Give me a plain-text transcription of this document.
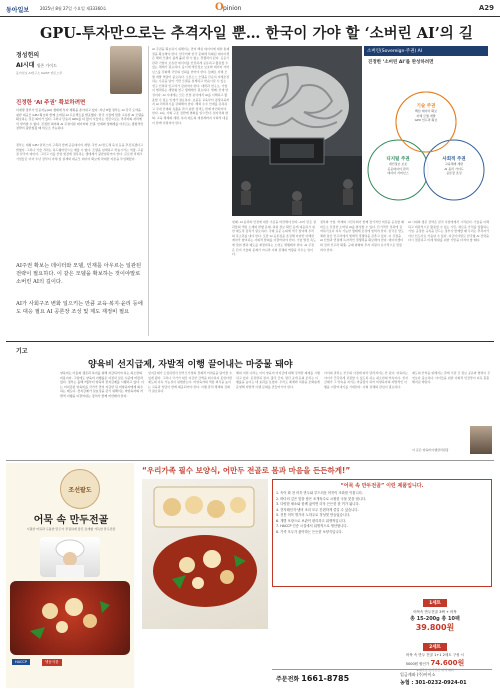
동아일보	2025년 8월 27일 수요일 제33360호	O pinion	A29
GPU-투자만으로는 추격자일 뿐… 한국이 가야 할 ‘소버린 AI’의 길
정성헌의
AI시대 생존 가이드
동아일보 AI연구소 KAIST 멘토스쿠
진정한 ‘AI 주권’ 확보하려면
이재명 정부가 인공지능(AI) 생태계 투자 계획을 쏟아내고 있다. 지난 8월 정부는 AI 강국 도약을 위한 대규모 GPU 확보와 함께 소버린 AI 프로젝트를 발표했다. 한국 시장에 맞춘 고유한 AI 모델을 확보하는 것은 의미가 있다. 그러나 단순히 GPU를 더 많이 사들이는 것만으로는 추격자의 자리에서 벗어날 수 없다. 진정한 의미의 AI 주권이란 데이터와 모델, 인재와 생태계를 아우르는 종합적인 전략이 뒷받침될 때 비로소 가능하다.
정부는 대형 GPU 클러스터 구축과 함께 공공데이터 개방, 국산 AI 반도체 육성 등을 추진하겠다고 밝혔다. 그러나 기술 격차는 하드웨어만으로 메울 수 없다. 모델을 설계하고 학습시키는 역량, 고품질 한국어 데이터, 그리고 이를 산업 현장에 접목하는 생태계가 뒷받침되어야 한다. 글로벌 빅테크 기업들은 이미 수년 전부터 자체 칩 설계와 대규모 데이터 확보에 막대한 자본을 투입해왔다.
AI주권 확보는 데이터와 모델, 인재를 아우르는 일관된 전략이 필요하다. 이 같은 모델을 확보하는 것이야말로 소버린 AI의 길이다.
AI가 사회구조 변화 일으키는 만큼 교육·복지·윤리 등에도 대응 필요 AI 공론장 조성 및 제도 재정비 필요
AI 주권을 확보하기 위해서는 먼저 핵심 데이터에 대한 통제권을 확보해야 한다. 한국어와 한국 문화에 특화된 데이터셋은 해외 모델이 쉽게 흉내 낼 수 없는 경쟁력이 된다. 공공기관과 기업이 보유한 데이터를 안전하게 공유하고 활용할 수 있는 체계가 필요하다. 동시에 개인정보 보호와 데이터 거버넌스를 강화해 국민의 신뢰를 얻어야 한다. 둘째로 자체 모델 개발 역량이 중요하다. 오픈소스 모델을 단순히 미세조정하는 수준을 넘어 기반 모델을 설계하고 학습시킬 수 있는 연구 인력과 인프라가 갖춰져야 한다. 대학과 연구소, 기업이 협력하는 개방형 연구 생태계가 필요하다. 셋째, 인재 양성이다. AI 시대에는 모든 산업 분야에서 AI를 이해하고 활용할 수 있는 인재가 필요하다. 초중등 교육부터 평생교육까지 AI 리터러시를 강화해야 한다. 해외 우수 인재를 유치하고 국내 인재의 유출을 막기 위한 정책도 함께 마련되어야 한다. AI는 사회 구조 전반에 변화를 일으킨다. 일자리의 변화, 교육 체계의 개편, 복지 제도의 재설계까지 사회적 대응이 함께 이뤄져야 한다.
소버린(Sovereign·주권) AI
진정한 ‘소버린 AI’를 완성하려면
기술 주권
핵심 데이터 확보
자체 모델 개발
GPU 인프라 확보
디지털 주권
개인정보 보호
공공데이터 관리
데이터 거버넌스
사회적 주권
교육체계 개편
AI 윤리 가이드
공론장 조성
넷째, AI 윤리와 안전에 대한 기준을 마련해야 한다. AI가 만든 결과물의 책임 소재와 편향 문제, 허위 정보 확산 등에 대응하기 위한 제도적 장치가 필요하다. 국제 표준 논의에 적극 참여해 우리의 목소리를 내야 한다. 또한 AI 공론장을 조성해 다양한 이해관계자가 참여하는 사회적 합의를 이끌어내야 한다. 기술 발전 속도에 맞춰 법과 제도를 재정비하는 노력도 병행돼야 한다. AI 주권은 단지 기술의 문제가 아니라 사회 전체의 역량을 키우는 일이다.
정부와 기업, 학계와 시민사회가 함께 장기적인 비전을 공유할 때 비로소 진정한 소버린 AI를 완성할 수 있다. 단기적인 성과에 집착하기보다 지속 가능한 생태계 조성에 힘써야 한다. 한국은 반도체와 통신 인프라에서 세계적 경쟁력을 갖추고 있다. 이 강점을 AI 산업과 연결해 독자적인 경쟁력을 확보해야 한다. 데이터센터와 전력 인프라 확충, 규제 완화와 투자 지원이 유기적으로 맞물려야 한다.
AI 시대의 생존 전략은 결국 사람에게서 시작된다. 기술을 이해하고 비판적으로 활용할 수 있는 시민, 새로운 가치를 창출하는 기업, 공정한 규칙을 만드는 정부가 함께할 때 우리는 추격자가 아닌 선도자로 거듭날 수 있다. 지금이야말로 한국형 AI 전략을 다시 점검하고 미래 세대를 위한 기반을 다져야 할 때다.
기고
양육비 선지급제, 자발적 이행 끌어내는 마중물 돼야
양육비는 아동의 생존과 복지를 위해 지급되어야 하는 최소한의 비용이다. 그럼에도 양육비 이행률은 여전히 낮은 수준에 머물러 있다. 정부는 올해 7월부터 양육비 선지급제를 시행하고 있다. 이는 미지급된 양육비를 국가가 먼저 지급한 뒤 비양육자에게 회수하는 제도다. 선지급제가 실효성을 갖기 위해서는 비양육자의 자발적 이행을 이끌어내는 장치가 함께 마련돼야 한다.
선지급제가 도입되면서 한부모가정의 경제적 어려움을 덜어줄 수 있게 됐다. 그러나 국가가 대신 지급한 금액을 회수하지 못한다면 제도의 지속 가능성이 위협받는다. 비양육자의 책임 의식을 높이는 교육과 상담이 함께 제공되어야 한다. 이행 관리 체계의 강화가 필요하다.
해외 여러 나라는 이미 양육비 미지급에 대해 강력한 제재를 시행하고 있다. 운전면허 정지, 출국 금지, 명단 공개 등의 조치는 이행률을 높이는 데 효과를 보였다. 우리도 제재와 지원을 조화롭게 운영해 자발적 이행 문화를 만들어가야 한다.
아이의 권리는 부모의 사정에 따라 달라져서는 안 된다. 양육비는 아이가 건강하게 성장할 수 있도록 하는 최소한의 약속이다. 선지급제가 그 약속을 지키는 마중물이 되어 비양육자의 자발적인 이행을 이끌어내기를 기대한다. 사회 전체의 관심이 필요하다.
제도의 안착을 위해서는 관계 기관 간 정보 공유와 협력이 무엇보다 중요하다. 아이들을 위한 사회적 안전망이 더욱 촘촘해지길 바란다.
이 글은 양육비이행관리원장
조선팔도
어묵 속 만두전골
시원한 어묵과 두툼한 만두가 푸짐하게 담긴 조개향 가득한 만두전골
HACCP	냉동식품
“우리가족 필수 보양식, 어만두 전골로 몸과 마음을 든든하게!”
“어묵 속 만두전골” 이런 제품입니다.
1. 속이 꽉 찬 어묵 만두와 부드러운 어묵이 조화를 이룹니다.
2. 바다의 깊은 맛을 담은 조개육수로 시원한 국물 맛을 냅니다.
3. 다양한 채소와 함께 끓이면 더욱 든든한 한 끼가 됩니다.
4. 전자레인지·냄비 조리 모두 간편하게 즐길 수 있습니다.
5. 전통 어묵 명가의 노하우로 정성껏 만들었습니다.
6. 개별 포장으로 보관이 편리하고 위생적입니다.
7. HACCP 인증 시설에서 위생적으로 생산합니다.
8. 가족 모두가 좋아하는 든든한 보양식입니다.
1세트
어묵속 만두전골 3팩 + 어묵
총 15-200g 총 10팩
39.800원
2세트
어묵 속 만두 전골 1+1 2세트 구성 시
5000원 할인가 74.600원
※제주도·도서산간 지역 제외
주문전화 1661-8785	입금계좌 (주)아이소
농협 : 301-0232-0924-01
